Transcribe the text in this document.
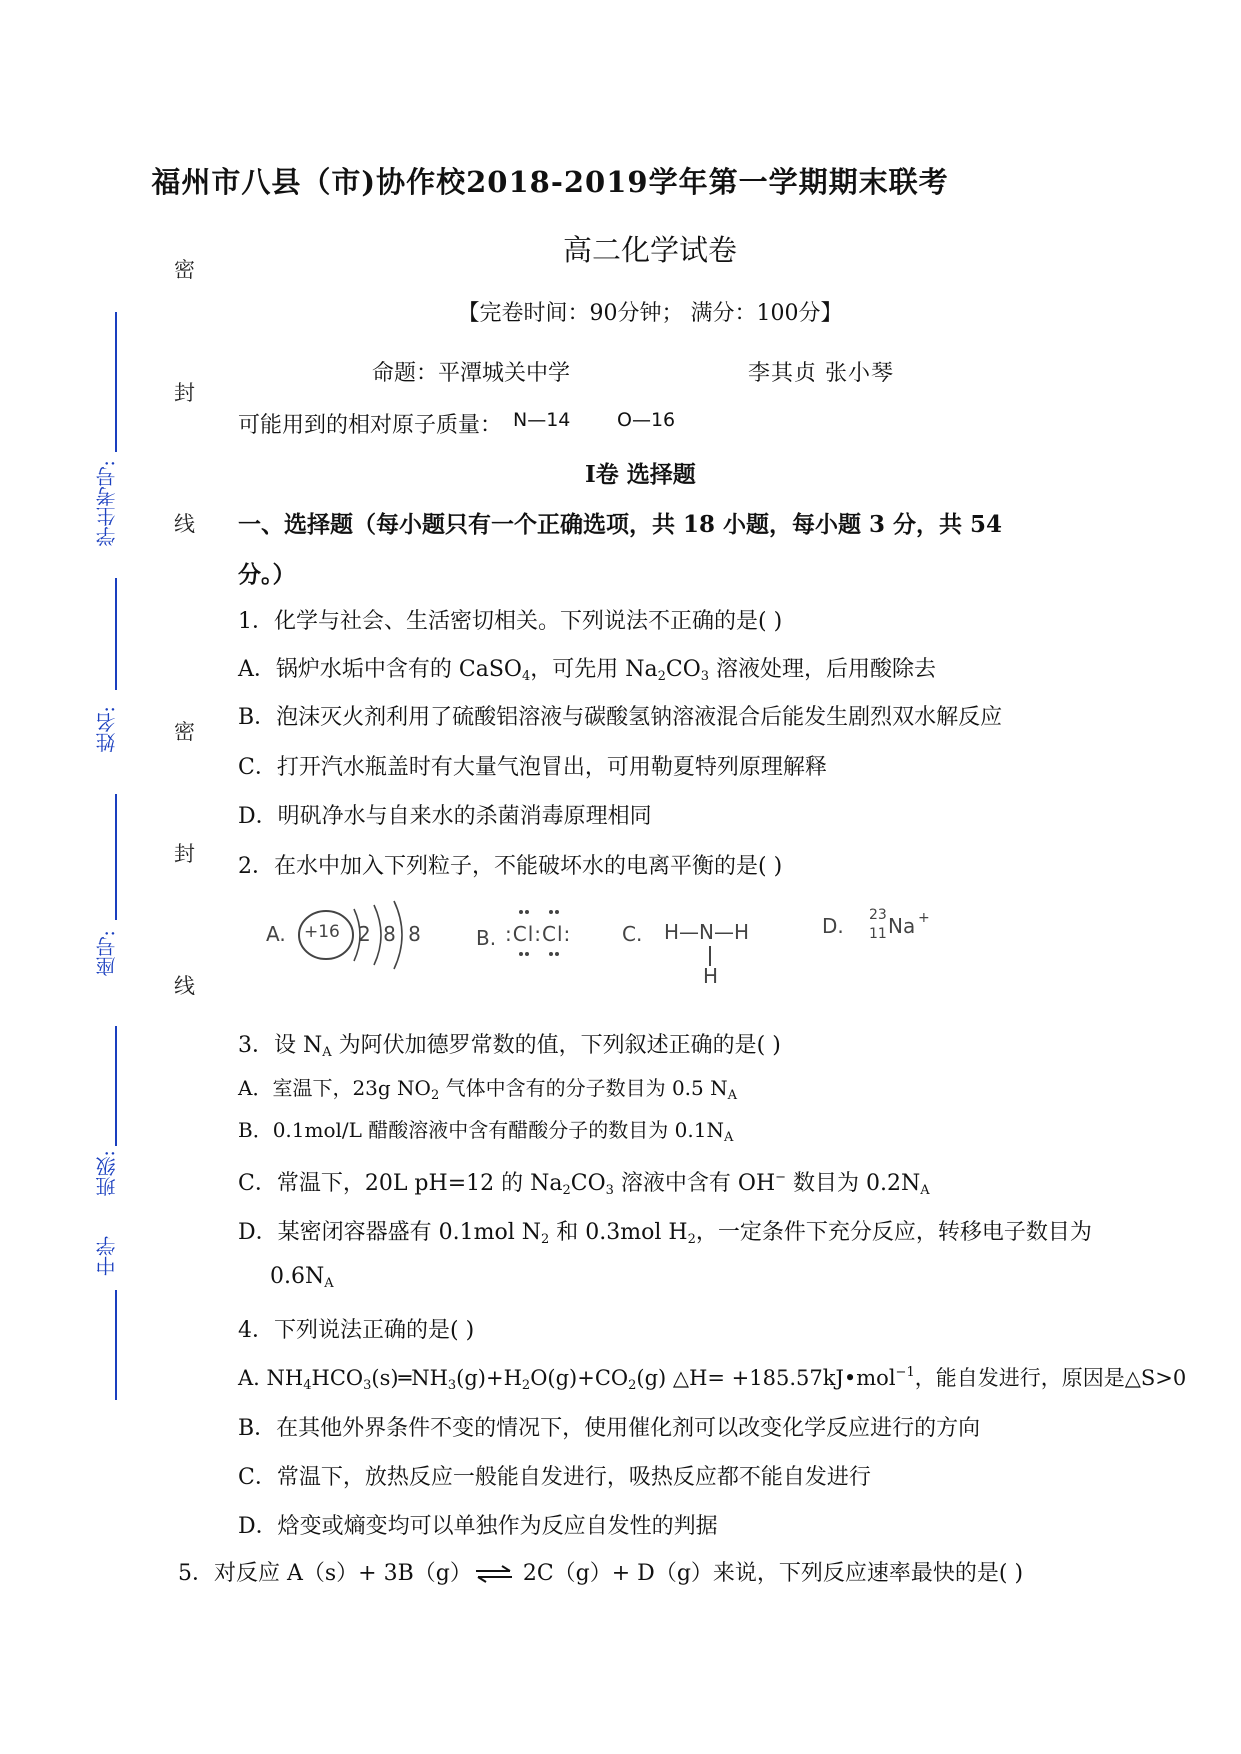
福州市八县（市)协作校2018-2019学年第一学期期末联考
高二化学试卷
【完卷时间：90分钟； 满分：100分】
命题：平潭城关中学	李其贞 张小琴
可能用到的相对原子质量： N—14 O—16
密
封
线
密
封
线
学生考号:
姓名:
座号:
班级:
中学
Ⅰ卷 选择题
一、选择题（每小题只有一个正确选项，共 18 小题，每小题 3 分，共 54
分。）
1．化学与社会、生活密切相关。下列说法不正确的是( )
A．锅炉水垢中含有的 CaSO$_4$，可先用 $Na_2CO_3$ 溶液处理，后用酸除去
B．泡沫灭火剂利用了硫酸铝溶液与碳酸氢钠溶液混合后能发生剧烈双水解反应
C．打开汽水瓶盖时有大量气泡冒出，可用勒夏特列原理解释
D．明矾净水与自来水的杀菌消毒原理相同
2．在水中加入下列粒子，不能破坏水的电离平衡的是( )
A. +16 2 8 8	B. :Cl:Cl:	C. H—N—H
H
D. 23
11 Na +
3．设 $N_A$ 为阿伏加德罗常数的值，下列叙述正确的是( )
A．室温下，23g $NO_2$ 气体中含有的分子数目为 0.5 $N_A$
B．0.1mol/L 醋酸溶液中含有醋酸分子的数目为 $0.1N_A$
C．常温下，20L pH=12 的 $Na_2CO_3$ 溶液中含有 OH− 数目为 $0.2N_A$
D．某密闭容器盛有 0.1mol $N_2$ 和 0.3mol $H_2$，一定条件下充分反应，转移电子数目为
$0.6N_A$
4．下列说法正确的是( )
A. $NH_4HCO_3(s)═NH_3(g)+H_2O(g)+CO_2(g)$ △H= +185.57kJ•mol$^{-1}$，能自发进行，原因是△S>0
B．在其他外界条件不变的情况下，使用催化剂可以改变化学反应进行的方向
C．常温下，放热反应一般能自发进行，吸热反应都不能自发进行
D．焓变或熵变均可以单独作为反应自发性的判据
5．对反应 A（s）+ 3B（g） ⇌ 2C（g）+ D（g）来说，下列反应速率最快的是( )
